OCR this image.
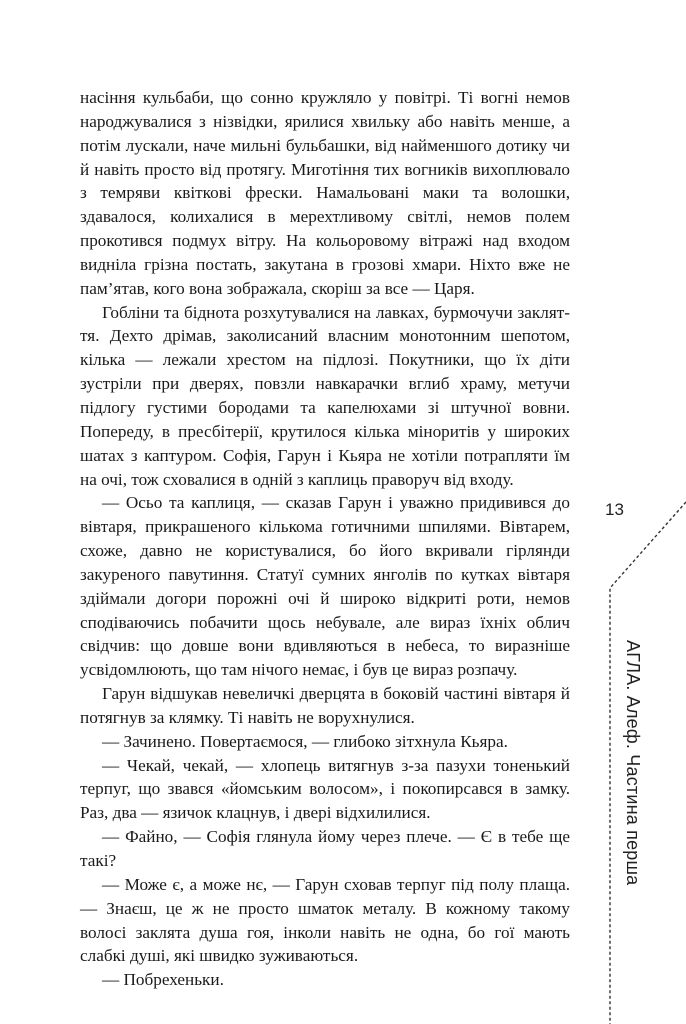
насіння кульбаби, що сонно кружляло у повітрі. Ті вогні немов народжувалися з нізвідки, ярилися хвильку або навіть менше, а потім лускали, наче мильні бульбашки, від найменшого дотику чи й навіть просто від протягу. Миготіння тих вогників вихоплювало з темряви квіткові фрески. Намальовані маки та волошки, здавалося, колихалися в мерехтливому світлі, немов полем прокотився подмух вітру. На кольоровому вітражі над входом видніла грізна постать, закутана в грозові хмари. Ніхто вже не пам’ятав, кого вона зображала, скоріш за все — Царя.

Гобліни та біднота розхутувалися на лавках, бурмочучи закляття. Дехто дрімав, заколисаний власним монотонним шепотом, кілька — лежали хрестом на підлозі. Покутники, що їх діти зустріли при дверях, повзли навкарачки вглиб храму, метучи підлогу густими бородами та капелюхами зі штучної вовни. Попереду, в пресбітерії, крутилося кілька міноритів у широких шатах з каптуром. Софія, Гарун і Кьяра не хотіли потрапляти їм на очі, тож сховалися в одній з каплиць праворуч від входу.

— Осьо та каплиця, — сказав Гарун і уважно придивився до вівтаря, прикрашеного кількома готичними шпилями. Вівтарем, схоже, давно не користувалися, бо його вкривали гірлянди закуреного павутиння. Статуї сумних янголів по кутках вівтаря здіймали догори порожні очі й широко відкриті роти, немов сподіваючись побачити щось небувале, але вираз їхніх облич свідчив: що довше вони вдивляються в небеса, то виразніше усвідомлюють, що там нічого немає, і був це вираз розпачу.

Гарун відшукав невеличкі дверцята в боковій частині вівтаря й потягнув за клямку. Ті навіть не ворухнулися.

— Зачинено. Повертаємося, — глибоко зітхнула Кьяра.

— Чекай, чекай, — хлопець витягнув з-за пазухи тоненький терпуг, що звався «йомським волосом», і покопирсався в замку. Раз, два — язичок клацнув, і двері відхилилися.

— Файно, — Софія глянула йому через плече. — Є в тебе ще такі?

— Може є, а може нє, — Гарун сховав терпуг під полу плаща. — Знаєш, це ж не просто шматок металу. В кожному такому волосі заклята душа гоя, інколи навіть не одна, бо гої мають слабкі душі, які швидко зуживаються.

— Побрехеньки.

13
АГЛА. Алеф. Частина перша
